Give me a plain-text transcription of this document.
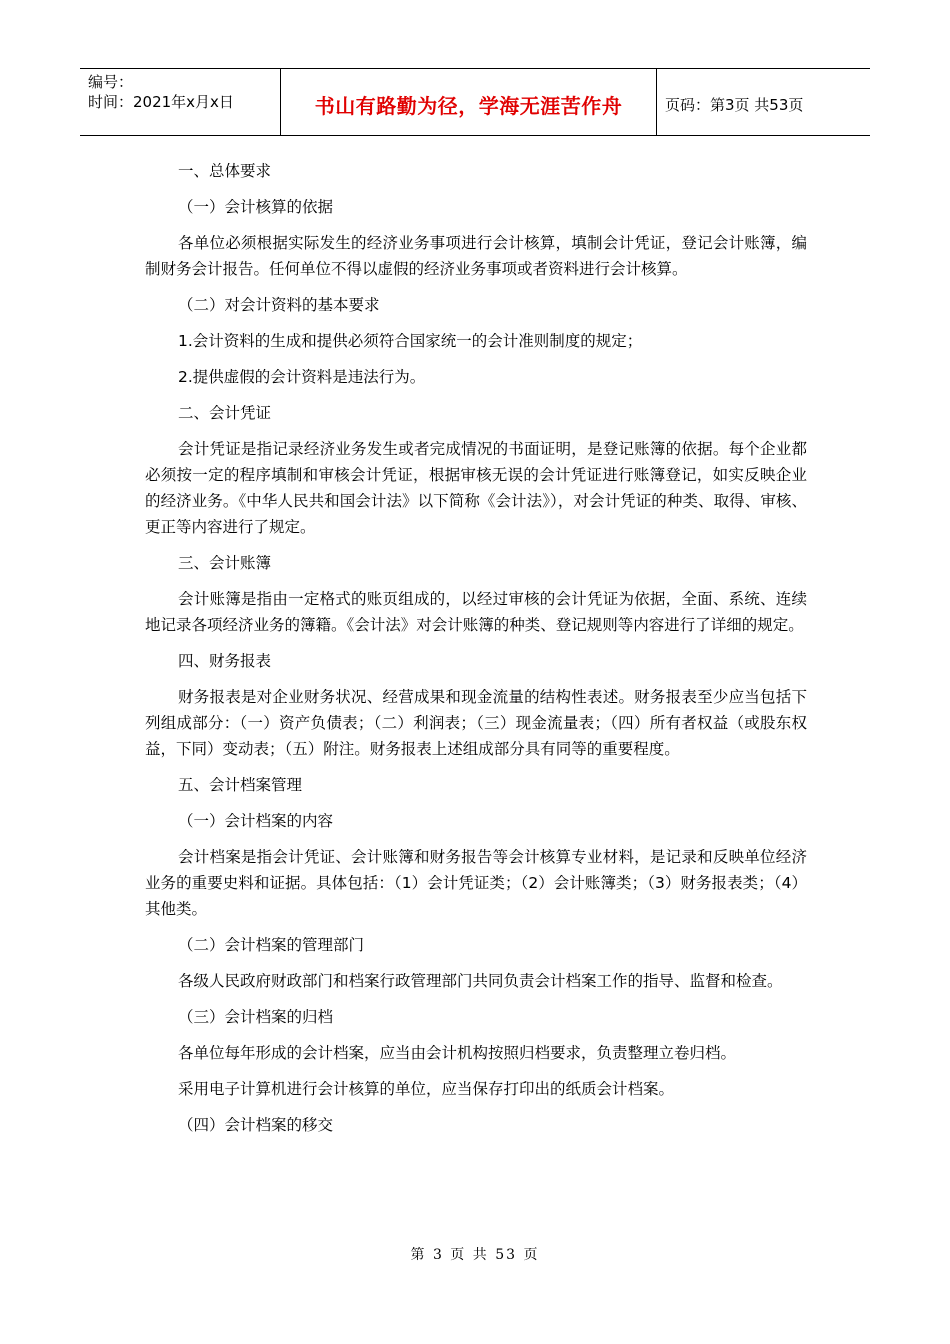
编号：
时间：2021年x月x日	书山有路勤为径，学海无涯苦作舟	页码：第3页 共53页

一、总体要求

（一）会计核算的依据

各单位必须根据实际发生的经济业务事项进行会计核算，填制会计凭证，登记会计账簿，编制财务会计报告。任何单位不得以虚假的经济业务事项或者资料进行会计核算。

（二）对会计资料的基本要求

1.会计资料的生成和提供必须符合国家统一的会计准则制度的规定；

2.提供虚假的会计资料是违法行为。

二、会计凭证

会计凭证是指记录经济业务发生或者完成情况的书面证明，是登记账簿的依据。每个企业都必须按一定的程序填制和审核会计凭证，根据审核无误的会计凭证进行账簿登记，如实反映企业的经济业务。《中华人民共和国会计法》以下简称《会计法》），对会计凭证的种类、取得、审核、更正等内容进行了规定。

三、会计账簿

会计账簿是指由一定格式的账页组成的，以经过审核的会计凭证为依据，全面、系统、连续地记录各项经济业务的簿籍。《会计法》对会计账簿的种类、登记规则等内容进行了详细的规定。

四、财务报表

财务报表是对企业财务状况、经营成果和现金流量的结构性表述。财务报表至少应当包括下列组成部分：（一）资产负债表；（二）利润表；（三）现金流量表；（四）所有者权益（或股东权益，下同）变动表；（五）附注。财务报表上述组成部分具有同等的重要程度。

五、会计档案管理

（一）会计档案的内容

会计档案是指会计凭证、会计账簿和财务报告等会计核算专业材料，是记录和反映单位经济业务的重要史料和证据。具体包括：（1）会计凭证类；（2）会计账簿类；（3）财务报表类；（4）其他类。

（二）会计档案的管理部门

各级人民政府财政部门和档案行政管理部门共同负责会计档案工作的指导、监督和检查。

（三）会计档案的归档

各单位每年形成的会计档案，应当由会计机构按照归档要求，负责整理立卷归档。

采用电子计算机进行会计核算的单位，应当保存打印出的纸质会计档案。

（四）会计档案的移交

第 3 页 共 53 页
